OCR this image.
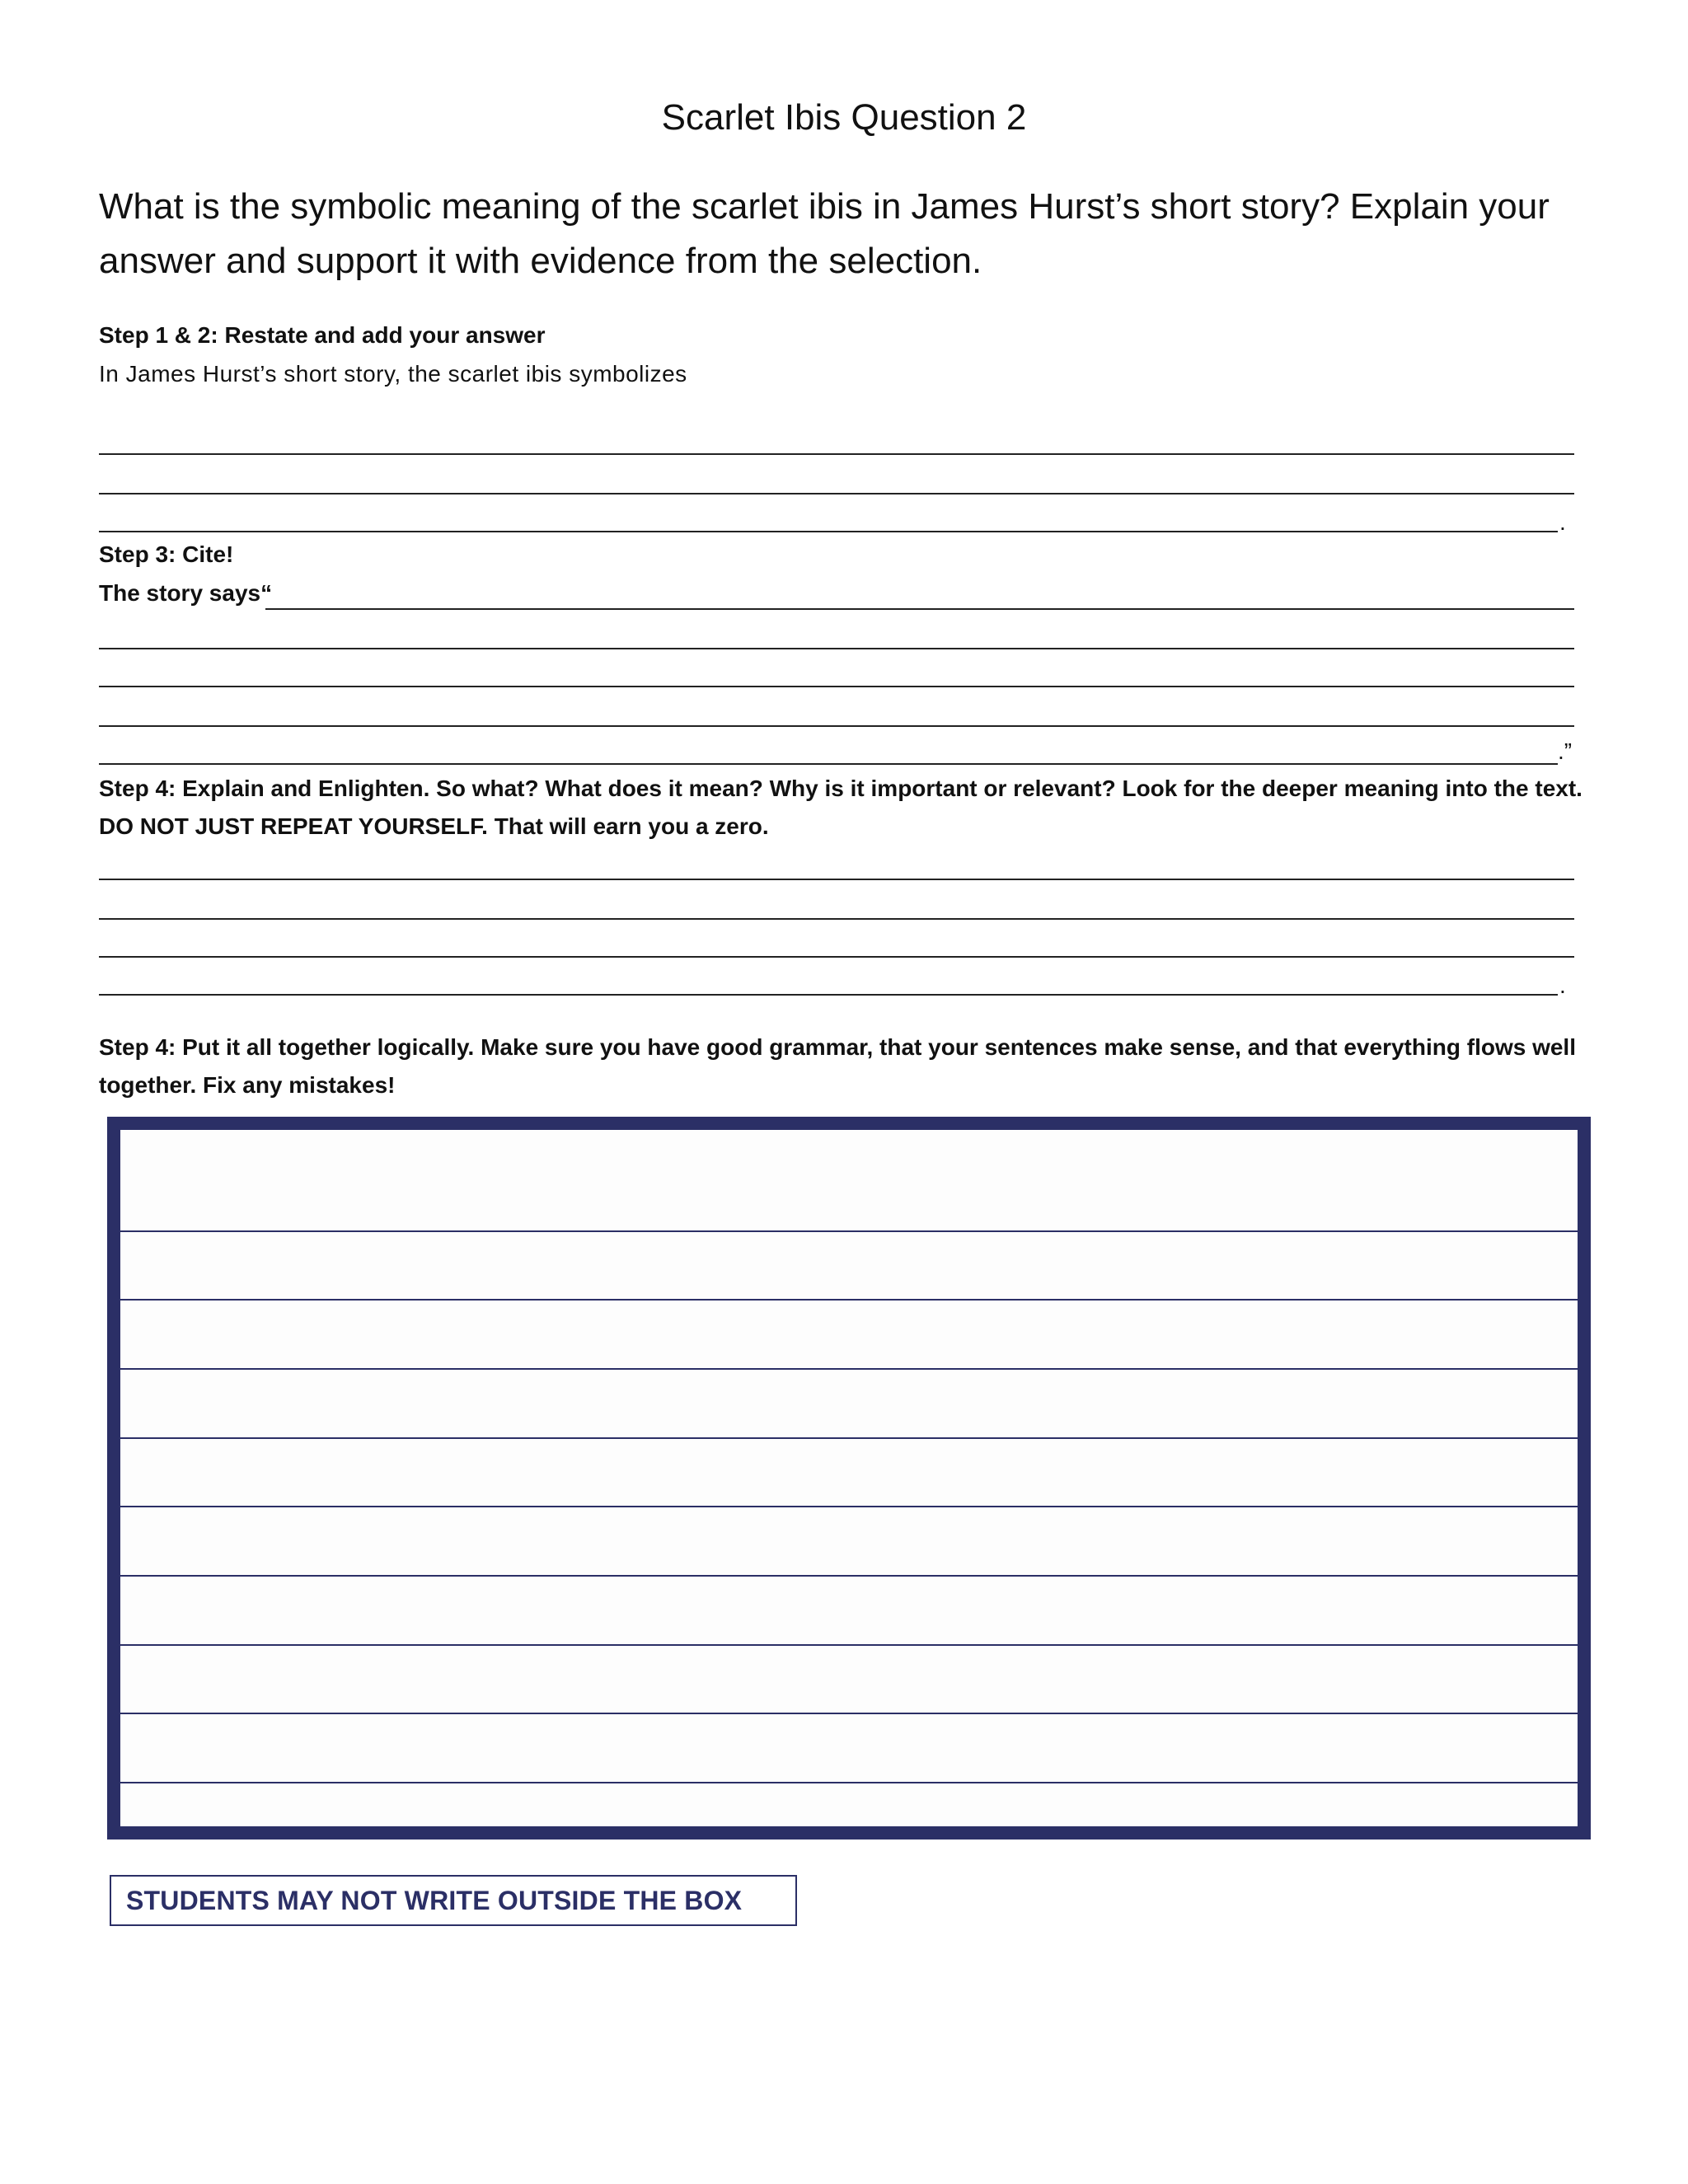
Scarlet Ibis Question 2

What is the symbolic meaning of the scarlet ibis in James Hurst’s short story? Explain your answer and support it with evidence from the selection.

Step 1 & 2: Restate and add your answer

In James Hurst’s short story, the scarlet ibis symbolizes
.

Step 3: Cite!

The story says“
.”

Step 4: Explain and Enlighten. So what? What does it mean? Why is it important or relevant? Look for the deeper meaning into the text. DO NOT JUST REPEAT YOURSELF. That will earn you a zero.

.

Step 4: Put it all together logically. Make sure you have good grammar, that your sentences make sense, and that everything flows well together. Fix any mistakes!

STUDENTS MAY NOT WRITE OUTSIDE THE BOX
